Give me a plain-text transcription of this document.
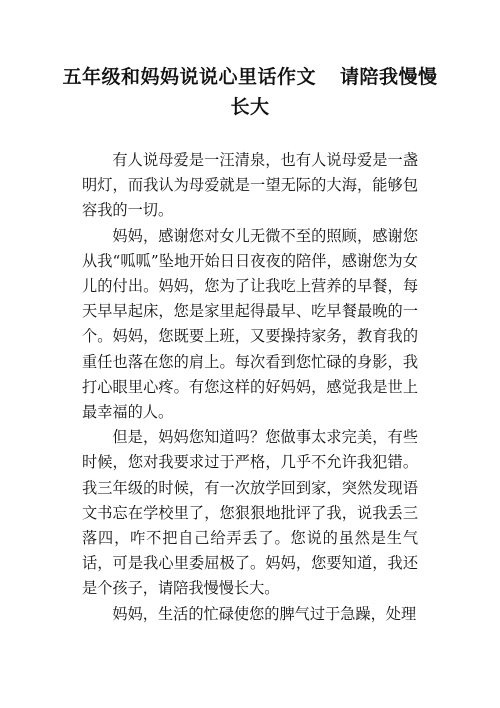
五年级和妈妈说说心里话作文 请陪我慢慢长大

有人说母爱是一汪清泉，也有人说母爱是一盏明灯，而我认为母爱就是一望无际的大海，能够包容我的一切。

妈妈，感谢您对女儿无微不至的照顾，感谢您从我“呱呱”坠地开始日日夜夜的陪伴，感谢您为女儿的付出。妈妈，您为了让我吃上营养的早餐，每天早早起床，您是家里起得最早、吃早餐最晚的一个。妈妈，您既要上班，又要操持家务，教育我的重任也落在您的肩上。每次看到您忙碌的身影，我打心眼里心疼。有您这样的好妈妈，感觉我是世上最幸福的人。

但是，妈妈您知道吗？您做事太求完美，有些时候，您对我要求过于严格，几乎不允许我犯错。我三年级的时候，有一次放学回到家，突然发现语文书忘在学校里了，您狠狠地批评了我，说我丢三落四，咋不把自己给弄丢了。您说的虽然是生气话，可是我心里委屈极了。妈妈，您要知道，我还是个孩子，请陪我慢慢长大。

妈妈，生活的忙碌使您的脾气过于急躁，处理
